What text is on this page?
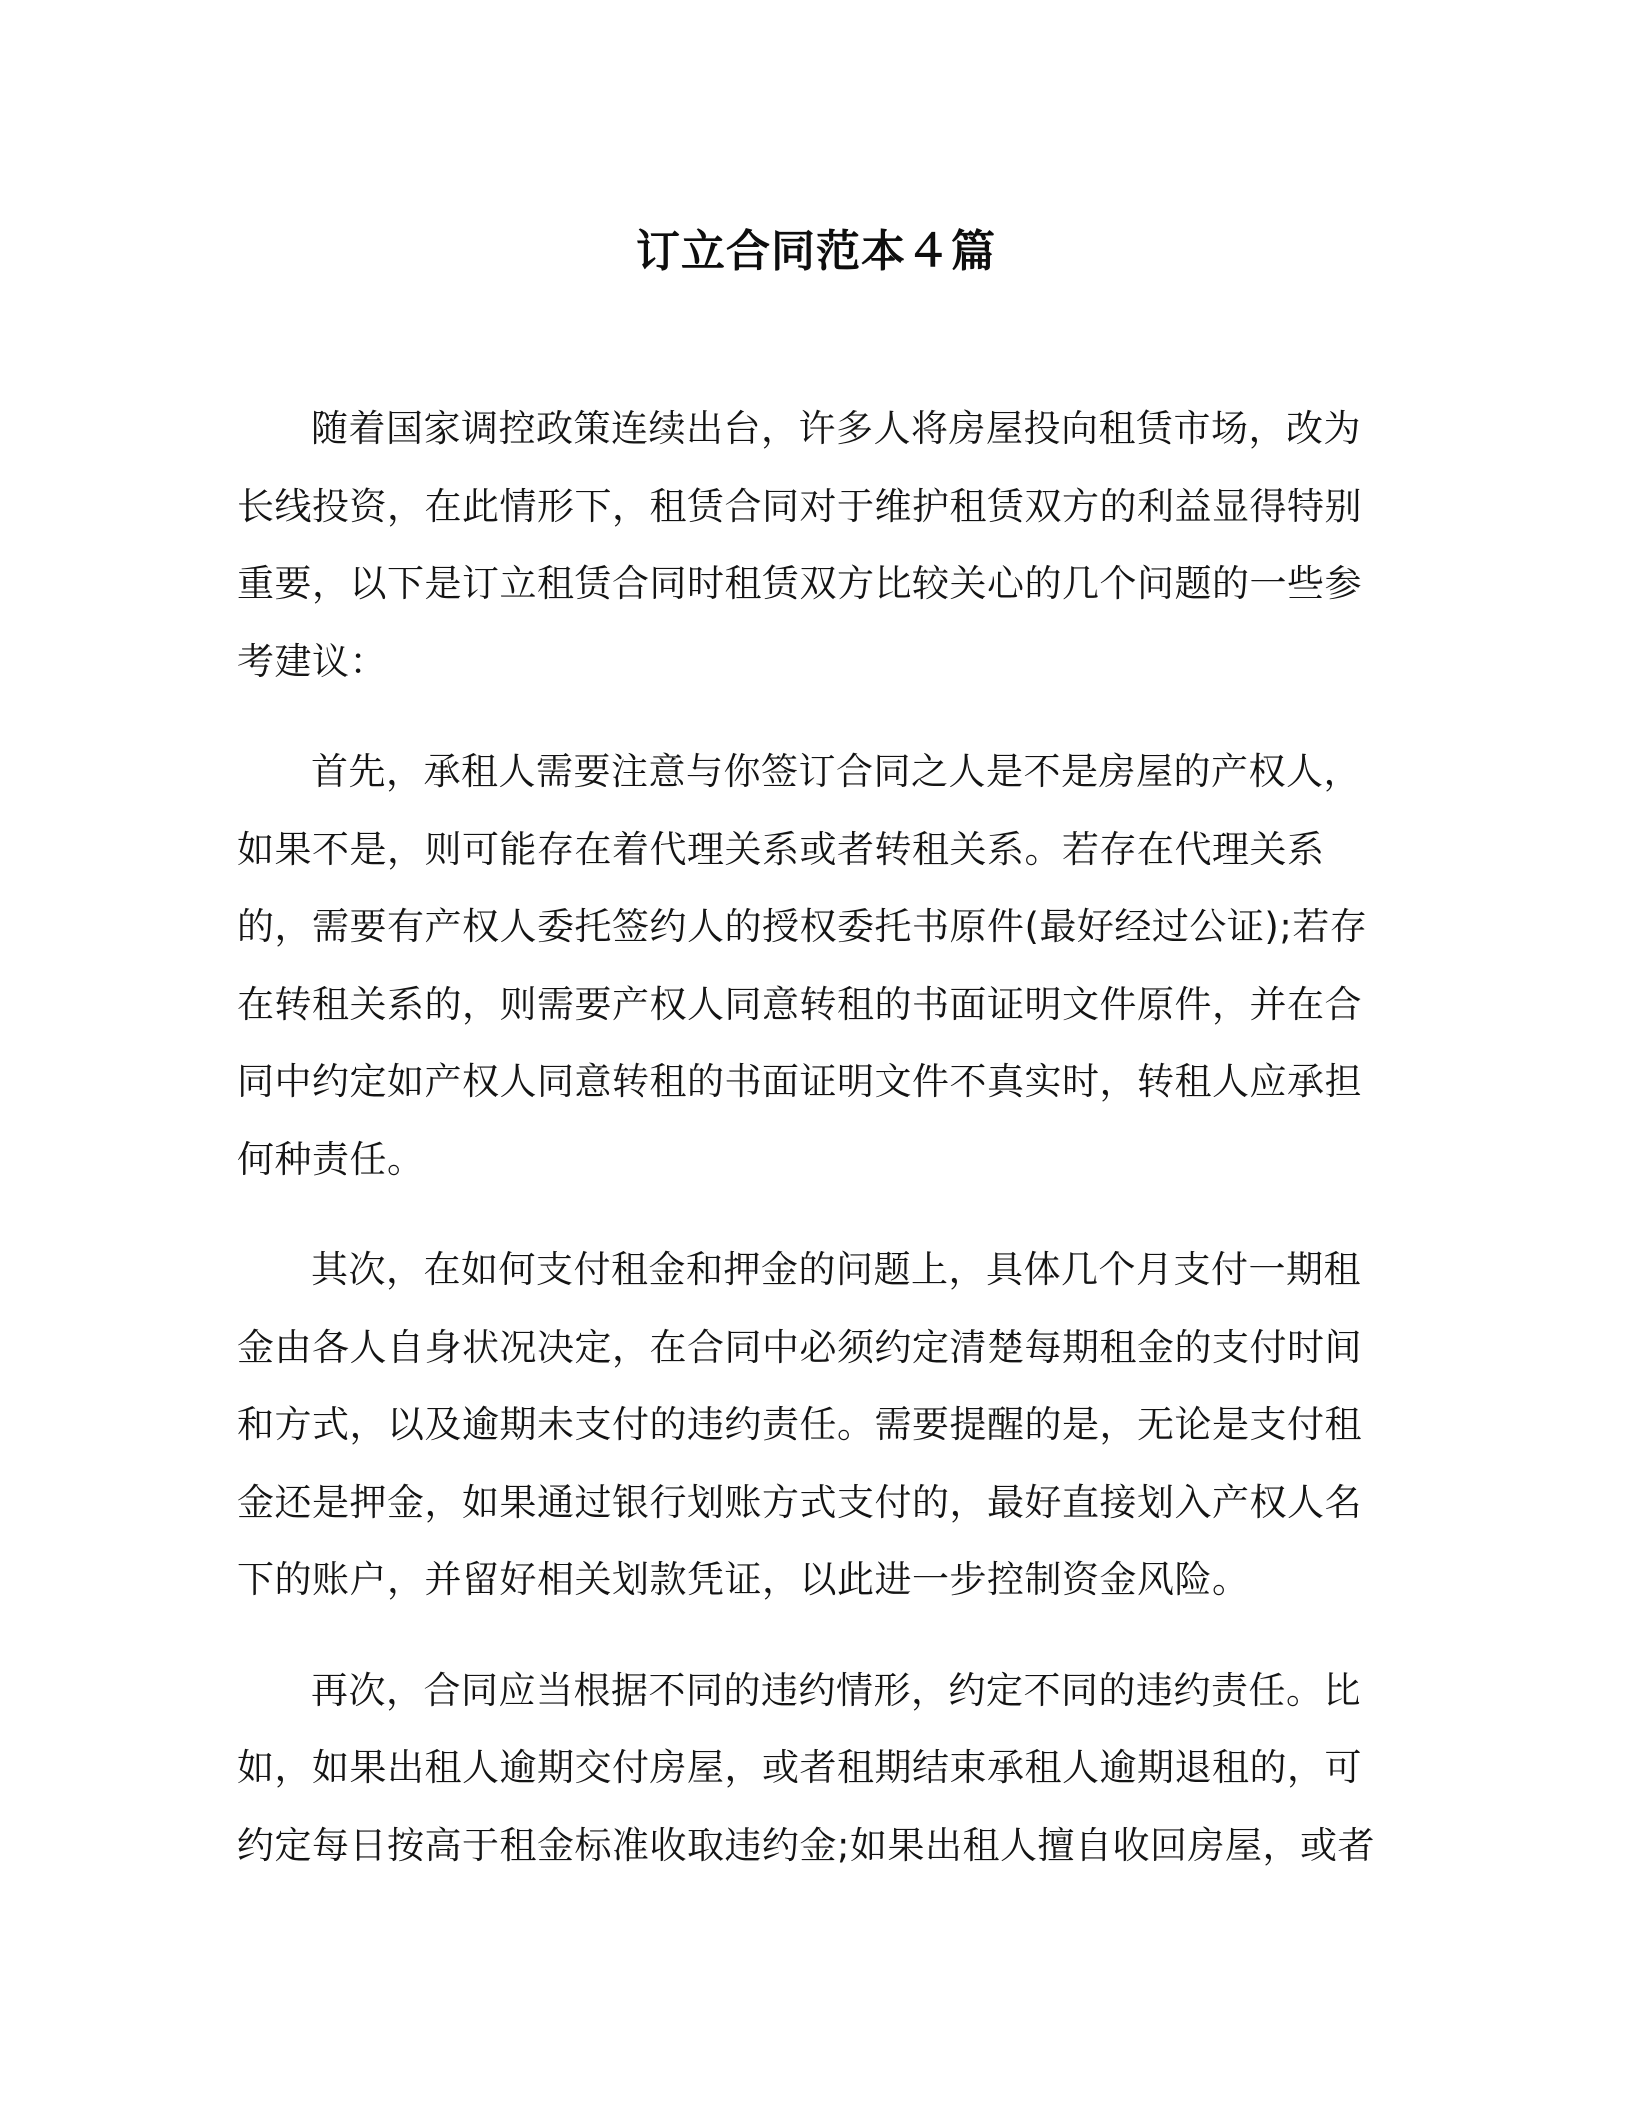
订立合同范本４篇

随着国家调控政策连续出台，许多人将房屋投向租赁市场，改为长线投资，在此情形下，租赁合同对于维护租赁双方的利益显得特别重要，以下是订立租赁合同时租赁双方比较关心的几个问题的一些参考建议：

首先，承租人需要注意与你签订合同之人是不是房屋的产权人，如果不是，则可能存在着代理关系或者转租关系。若存在代理关系的，需要有产权人委托签约人的授权委托书原件(最好经过公证);若存在转租关系的，则需要产权人同意转租的书面证明文件原件，并在合同中约定如产权人同意转租的书面证明文件不真实时，转租人应承担何种责任。

其次，在如何支付租金和押金的问题上，具体几个月支付一期租金由各人自身状况决定，在合同中必须约定清楚每期租金的支付时间和方式，以及逾期未支付的违约责任。需要提醒的是，无论是支付租金还是押金，如果通过银行划账方式支付的，最好直接划入产权人名下的账户，并留好相关划款凭证，以此进一步控制资金风险。

再次，合同应当根据不同的违约情形，约定不同的违约责任。比如，如果出租人逾期交付房屋，或者租期结束承租人逾期退租的，可约定每日按高于租金标准收取违约金;如果出租人擅自收回房屋，或者
